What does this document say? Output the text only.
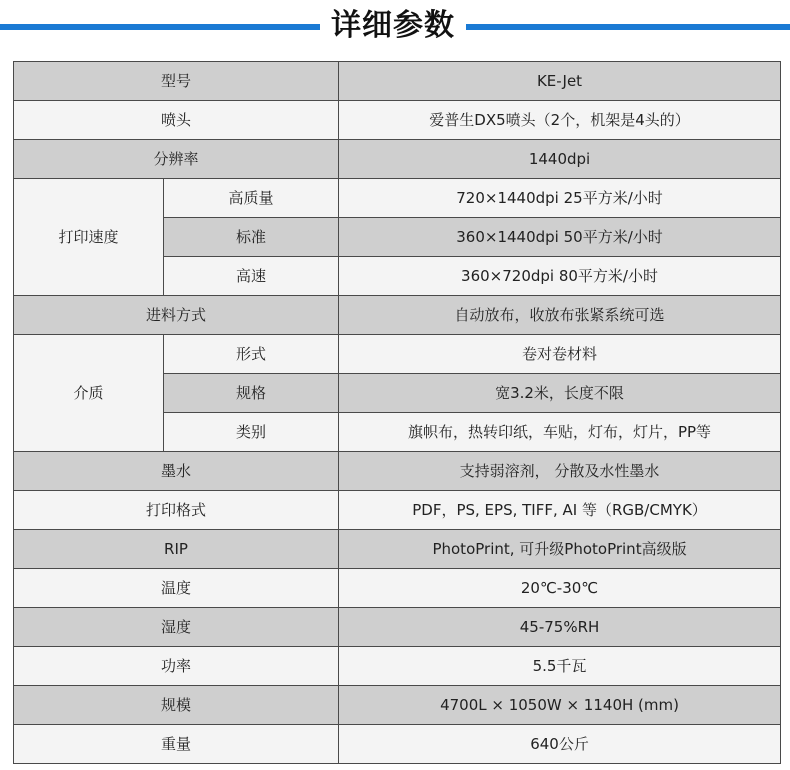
详细参数
型号		KE-Jet
喷头		爱普生DX5喷头（2个，机架是4头的）
分辨率		1440dpi
打印速度	高质量	720×1440dpi 25平方米/小时
	标准	360×1440dpi 50平方米/小时
	高速	360×720dpi 80平方米/小时
进料方式		自动放布，收放布张紧系统可选
介质	形式	卷对卷材料
	规格	宽3.2米，长度不限
	类别	旗帜布，热转印纸，车贴，灯布，灯片，PP等
墨水		支持弱溶剂， 分散及水性墨水
打印格式		PDF，PS, EPS, TIFF, AI 等（RGB/CMYK）
RIP		PhotoPrint, 可升级PhotoPrint高级版
温度		20℃-30℃
湿度		45-75%RH
功率		5.5千瓦
规模		4700L × 1050W × 1140H (mm)
重量		640公斤
